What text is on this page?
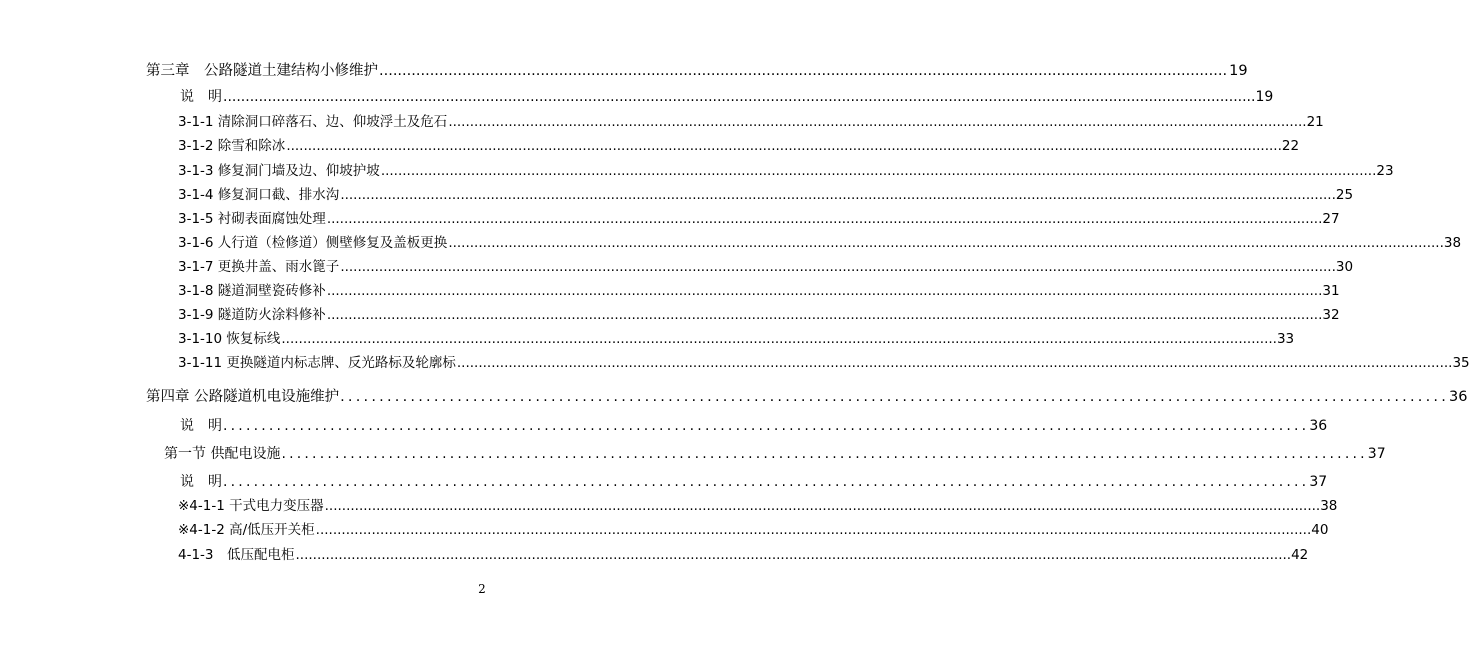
第三章　公路隧道土建结构小修维护 ........................................................................................................................................................................................ 19
说　明 ........................................................................................................................................................................................................................................ 19
3-1-1 清除洞口碎落石、边、仰坡浮土及危石 ........................................................................................................................................................................................................ 21
3-1-2 除雪和除冰 ........................................................................................................................................................................................................................................ 22
3-1-3 修复洞门墙及边、仰坡护坡 ........................................................................................................................................................................................................................................ 23
3-1-4 修复洞口截、排水沟 ........................................................................................................................................................................................................................................ 25
3-1-5 衬砌表面腐蚀处理 ........................................................................................................................................................................................................................................ 27
3-1-6 人行道（检修道）侧壁修复及盖板更换 ........................................................................................................................................................................................................................................ 38
3-1-7 更换井盖、雨水篦子 ........................................................................................................................................................................................................................................ 30
3-1-8 隧道洞壁瓷砖修补 ........................................................................................................................................................................................................................................ 31
3-1-9 隧道防火涂料修补 ........................................................................................................................................................................................................................................ 32
3-1-10 恢复标线 ........................................................................................................................................................................................................................................ 33
3-1-11 更换隧道内标志牌、反光路标及轮廓标 ........................................................................................................................................................................................................................................ 35
第四章 公路隧道机电设施维护 .............................................................................................................................................. 36
说　明 .............................................................................................................................................. 36
第一节 供配电设施 .............................................................................................................................................. 37
说　明 .............................................................................................................................................. 37
※4-1-1 干式电力变压器 ........................................................................................................................................................................................................................................ 38
※4-1-2 高/低压开关柜 ........................................................................................................................................................................................................................................ 40
4-1-3　低压配电柜 ........................................................................................................................................................................................................................................ 42
2
